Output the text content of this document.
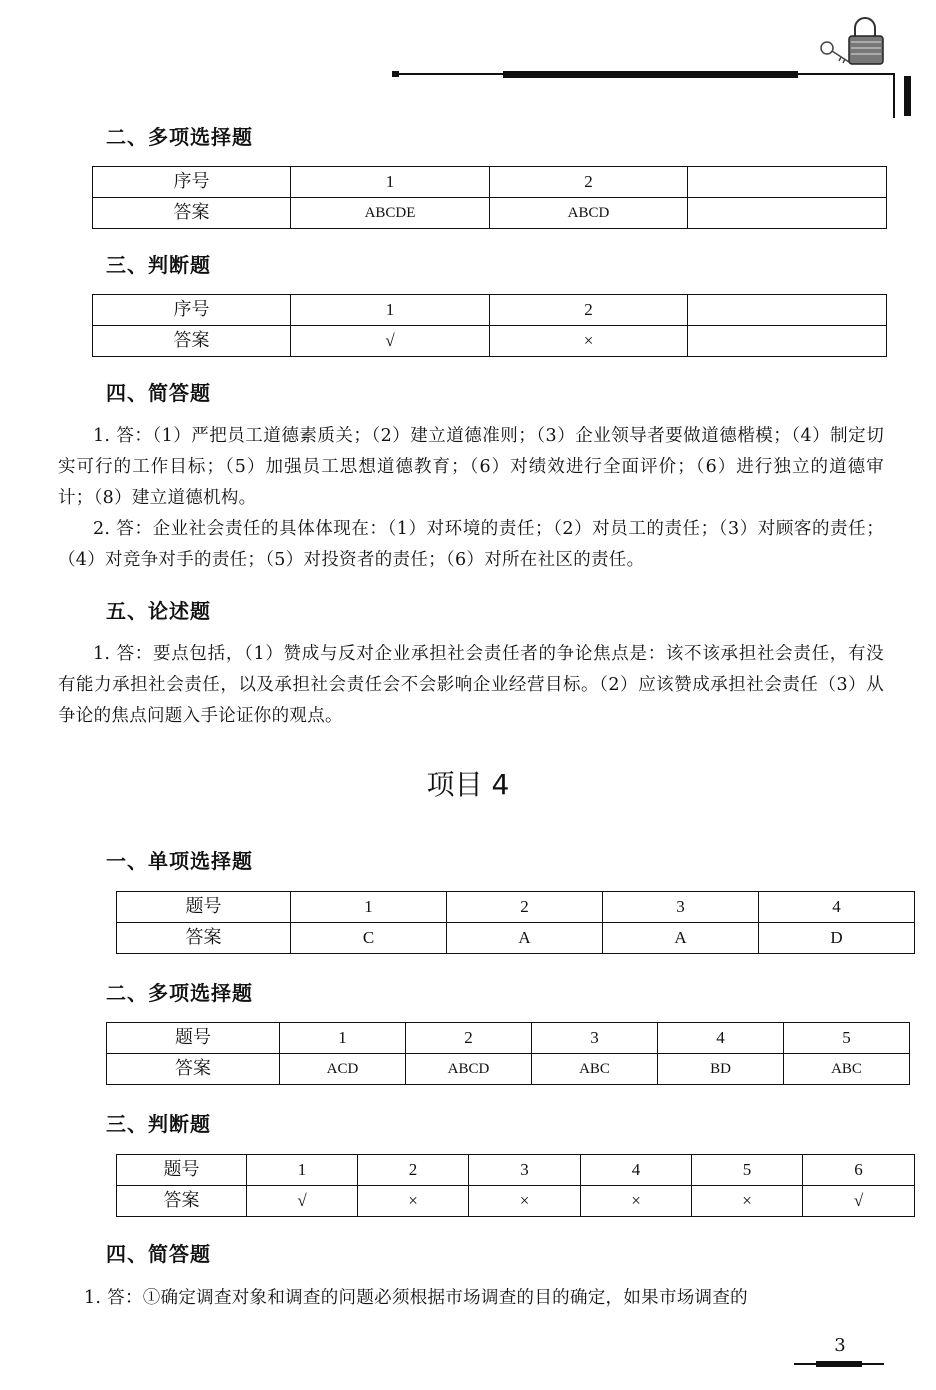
二、多项选择题
序号	1	2	
答案	ABCDE	ABCD	
三、判断题
序号	1	2	
答案	√	×	
四、简答题

1. 答：（1）严把员工道德素质关；（2）建立道德准则；（3）企业领导者要做道德楷模；（4）制定切实可行的工作目标；（5）加强员工思想道德教育；（6）对绩效进行全面评价；（6）进行独立的道德审计；（8）建立道德机构。

2. 答：企业社会责任的具体体现在：（1）对环境的责任；（2）对员工的责任；（3）对顾客的责任；（4）对竞争对手的责任；（5）对投资者的责任；（6）对所在社区的责任。

五、论述题

1. 答：要点包括，（1）赞成与反对企业承担社会责任者的争论焦点是：该不该承担社会责任，有没有能力承担社会责任，以及承担社会责任会不会影响企业经营目标。（2）应该赞成承担社会责任（3）从争论的焦点问题入手论证你的观点。

项目 4
一、单项选择题
题号	1	2	3	4
答案	C	A	A	D
二、多项选择题
题号	1	2	3	4	5
答案	ACD	ABCD	ABC	BD	ABC
三、判断题
题号	1	2	3	4	5	6
答案	√	×	×	×	×	√
四、简答题

1. 答：①确定调查对象和调查的问题必须根据市场调查的目的确定，如果市场调查的

3
